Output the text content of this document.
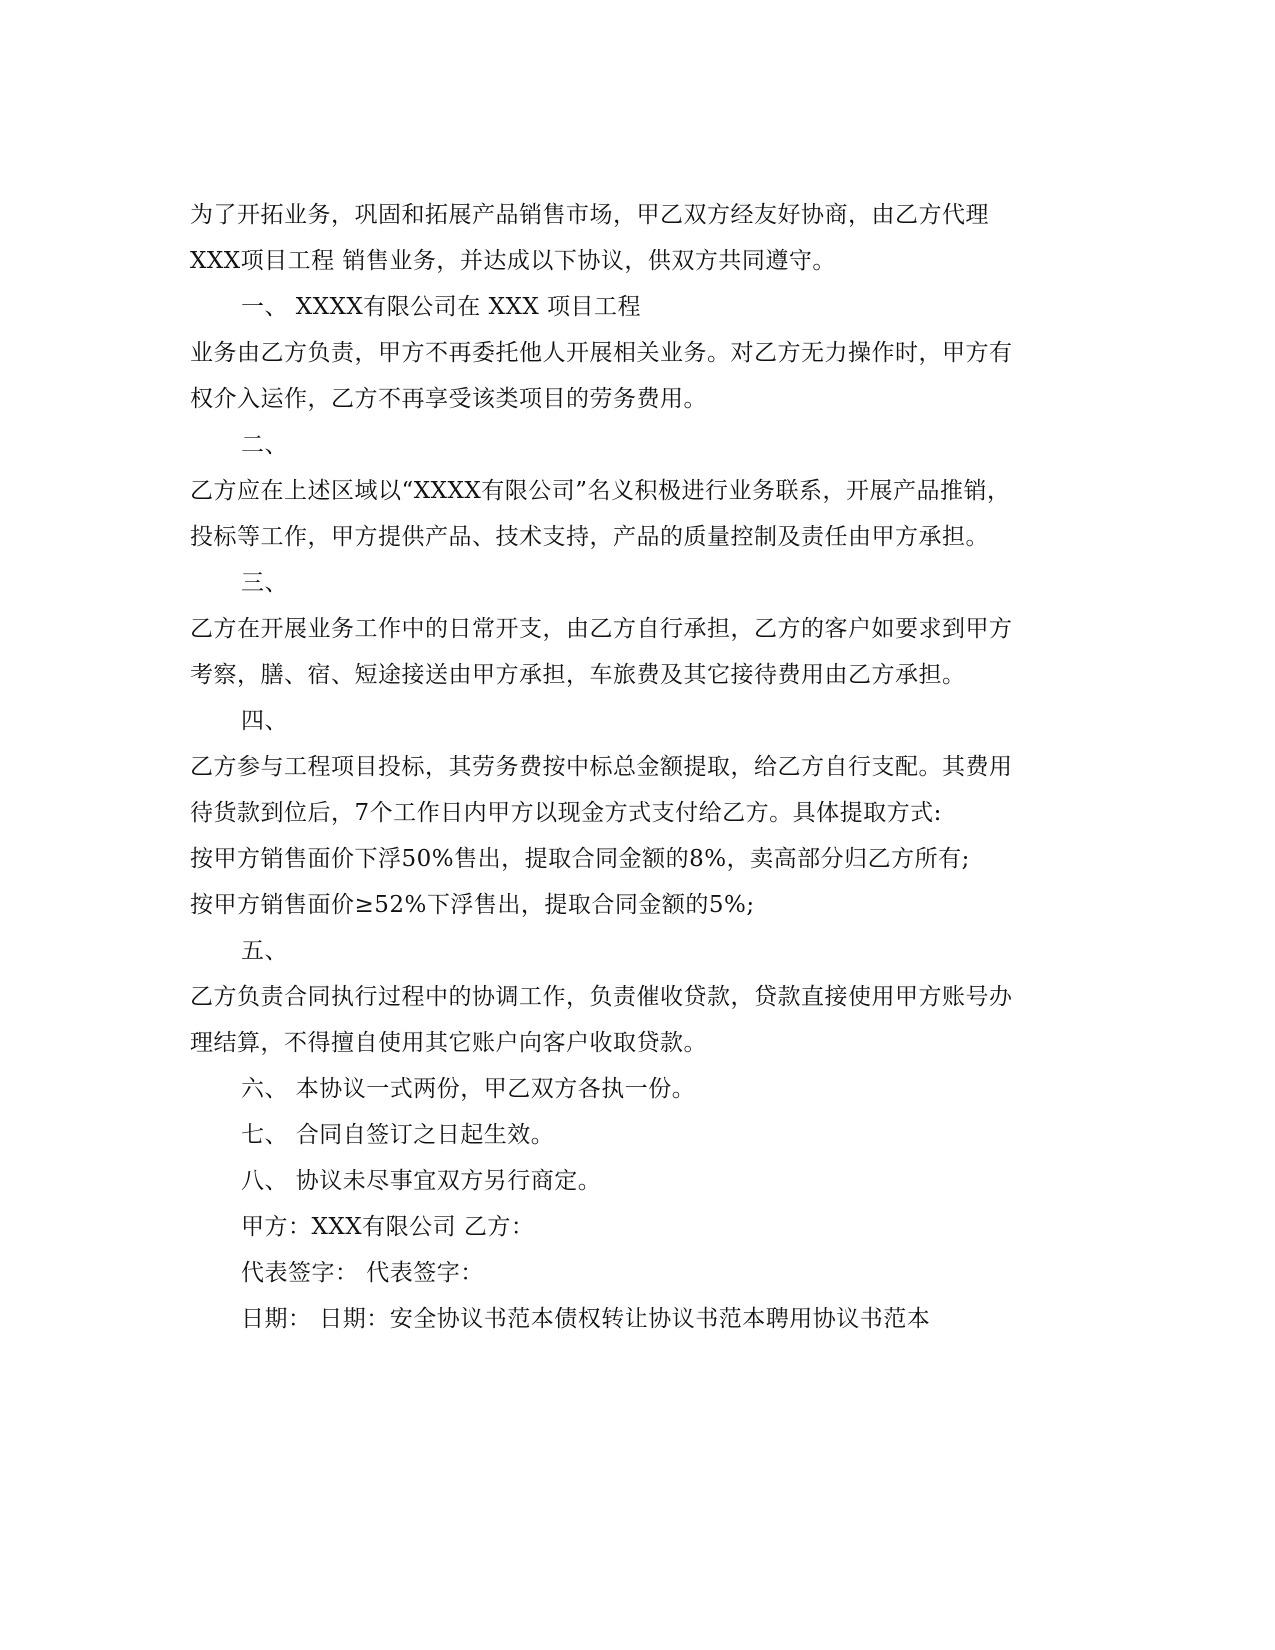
为了开拓业务，巩固和拓展产品销售市场，甲乙双方经友好协商，由乙方代理
XXX项目工程 销售业务，并达成以下协议，供双方共同遵守。
一、 XXXX有限公司在 XXX 项目工程
业务由乙方负责，甲方不再委托他人开展相关业务。对乙方无力操作时，甲方有
权介入运作，乙方不再享受该类项目的劳务费用。
二、
乙方应在上述区域以“XXXX有限公司”名义积极进行业务联系，开展产品推销，
投标等工作，甲方提供产品、技术支持，产品的质量控制及责任由甲方承担。
三、
乙方在开展业务工作中的日常开支，由乙方自行承担，乙方的客户如要求到甲方
考察，膳、宿、短途接送由甲方承担，车旅费及其它接待费用由乙方承担。
四、
乙方参与工程项目投标，其劳务费按中标总金额提取，给乙方自行支配。其费用
待货款到位后，7个工作日内甲方以现金方式支付给乙方。具体提取方式:
按甲方销售面价下浮50%售出，提取合同金额的8%，卖高部分归乙方所有;
按甲方销售面价≥52%下浮售出，提取合同金额的5%;
五、
乙方负责合同执行过程中的协调工作，负责催收贷款，贷款直接使用甲方账号办
理结算，不得擅自使用其它账户向客户收取贷款。
六、 本协议一式两份，甲乙双方各执一份。
七、 合同自签订之日起生效。
八、 协议未尽事宜双方另行商定。
甲方：XXX有限公司 乙方：
代表签字： 代表签字：
日期： 日期：安全协议书范本债权转让协议书范本聘用协议书范本
